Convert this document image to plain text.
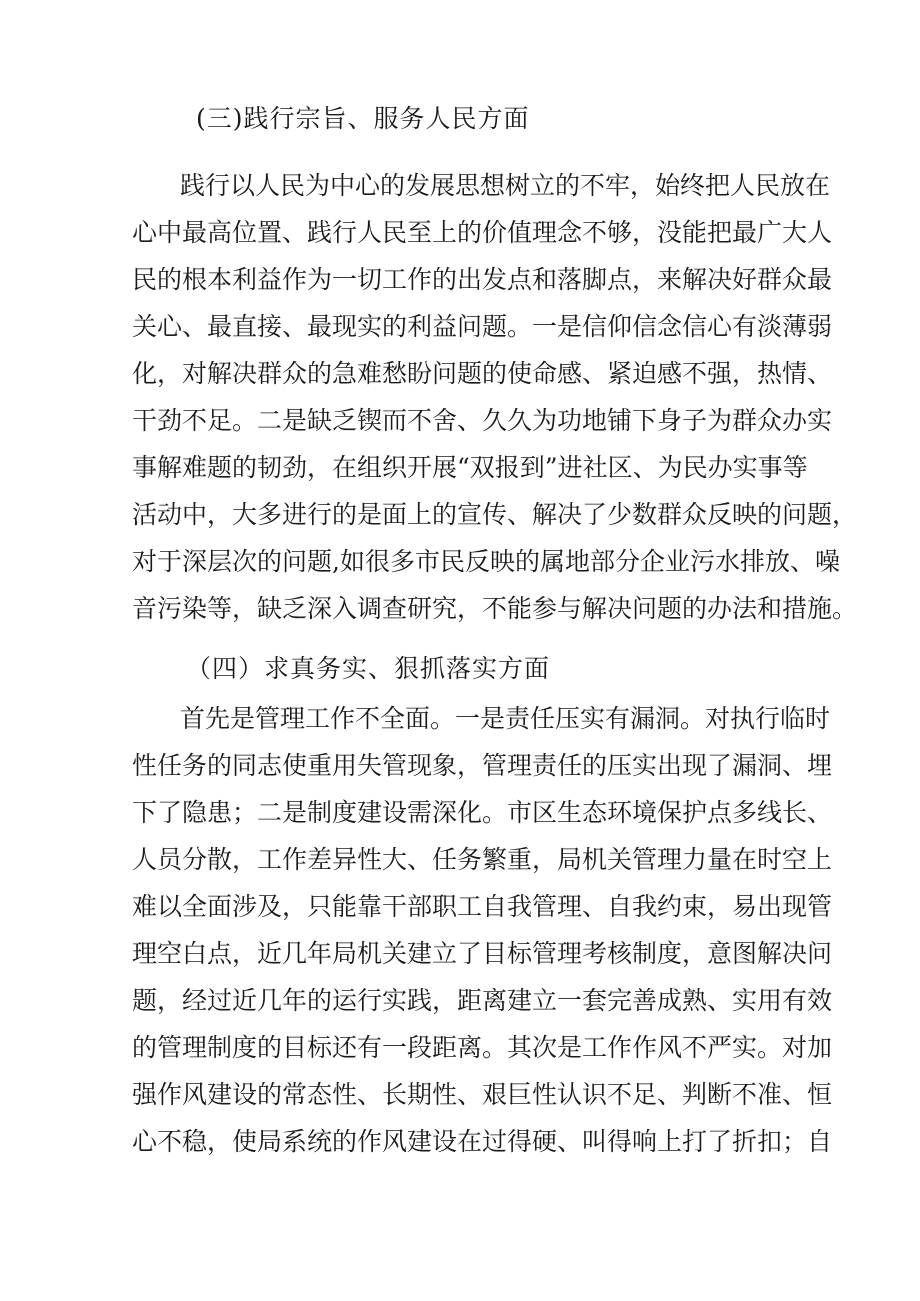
(三)践行宗旨、服务人民方面

践行以人民为中心的发展思想树立的不牢，始终把人民放在

心中最高位置、践行人民至上的价值理念不够，没能把最广大人

民的根本利益作为一切工作的出发点和落脚点，来解决好群众最

关心、最直接、最现实的利益问题。一是信仰信念信心有淡薄弱

化，对解决群众的急难愁盼问题的使命感、紧迫感不强，热情、

干劲不足。二是缺乏锲而不舍、久久为功地铺下身子为群众办实

事解难题的韧劲，在组织开展“双报到”进社区、为民办实事等

活动中，大多进行的是面上的宣传、解决了少数群众反映的问题，

对于深层次的问题,如很多市民反映的属地部分企业污水排放、噪

音污染等，缺乏深入调查研究，不能参与解决问题的办法和措施。

（四）求真务实、狠抓落实方面

首先是管理工作不全面。一是责任压实有漏洞。对执行临时

性任务的同志使重用失管现象，管理责任的压实出现了漏洞、埋

下了隐患；二是制度建设需深化。市区生态环境保护点多线长、

人员分散，工作差异性大、任务繁重，局机关管理力量在时空上

难以全面涉及，只能靠干部职工自我管理、自我约束，易出现管

理空白点，近几年局机关建立了目标管理考核制度，意图解决问

题，经过近几年的运行实践，距离建立一套完善成熟、实用有效

的管理制度的目标还有一段距离。其次是工作作风不严实。对加

强作风建设的常态性、长期性、艰巨性认识不足、判断不准、恒

心不稳，使局系统的作风建设在过得硬、叫得响上打了折扣；自
